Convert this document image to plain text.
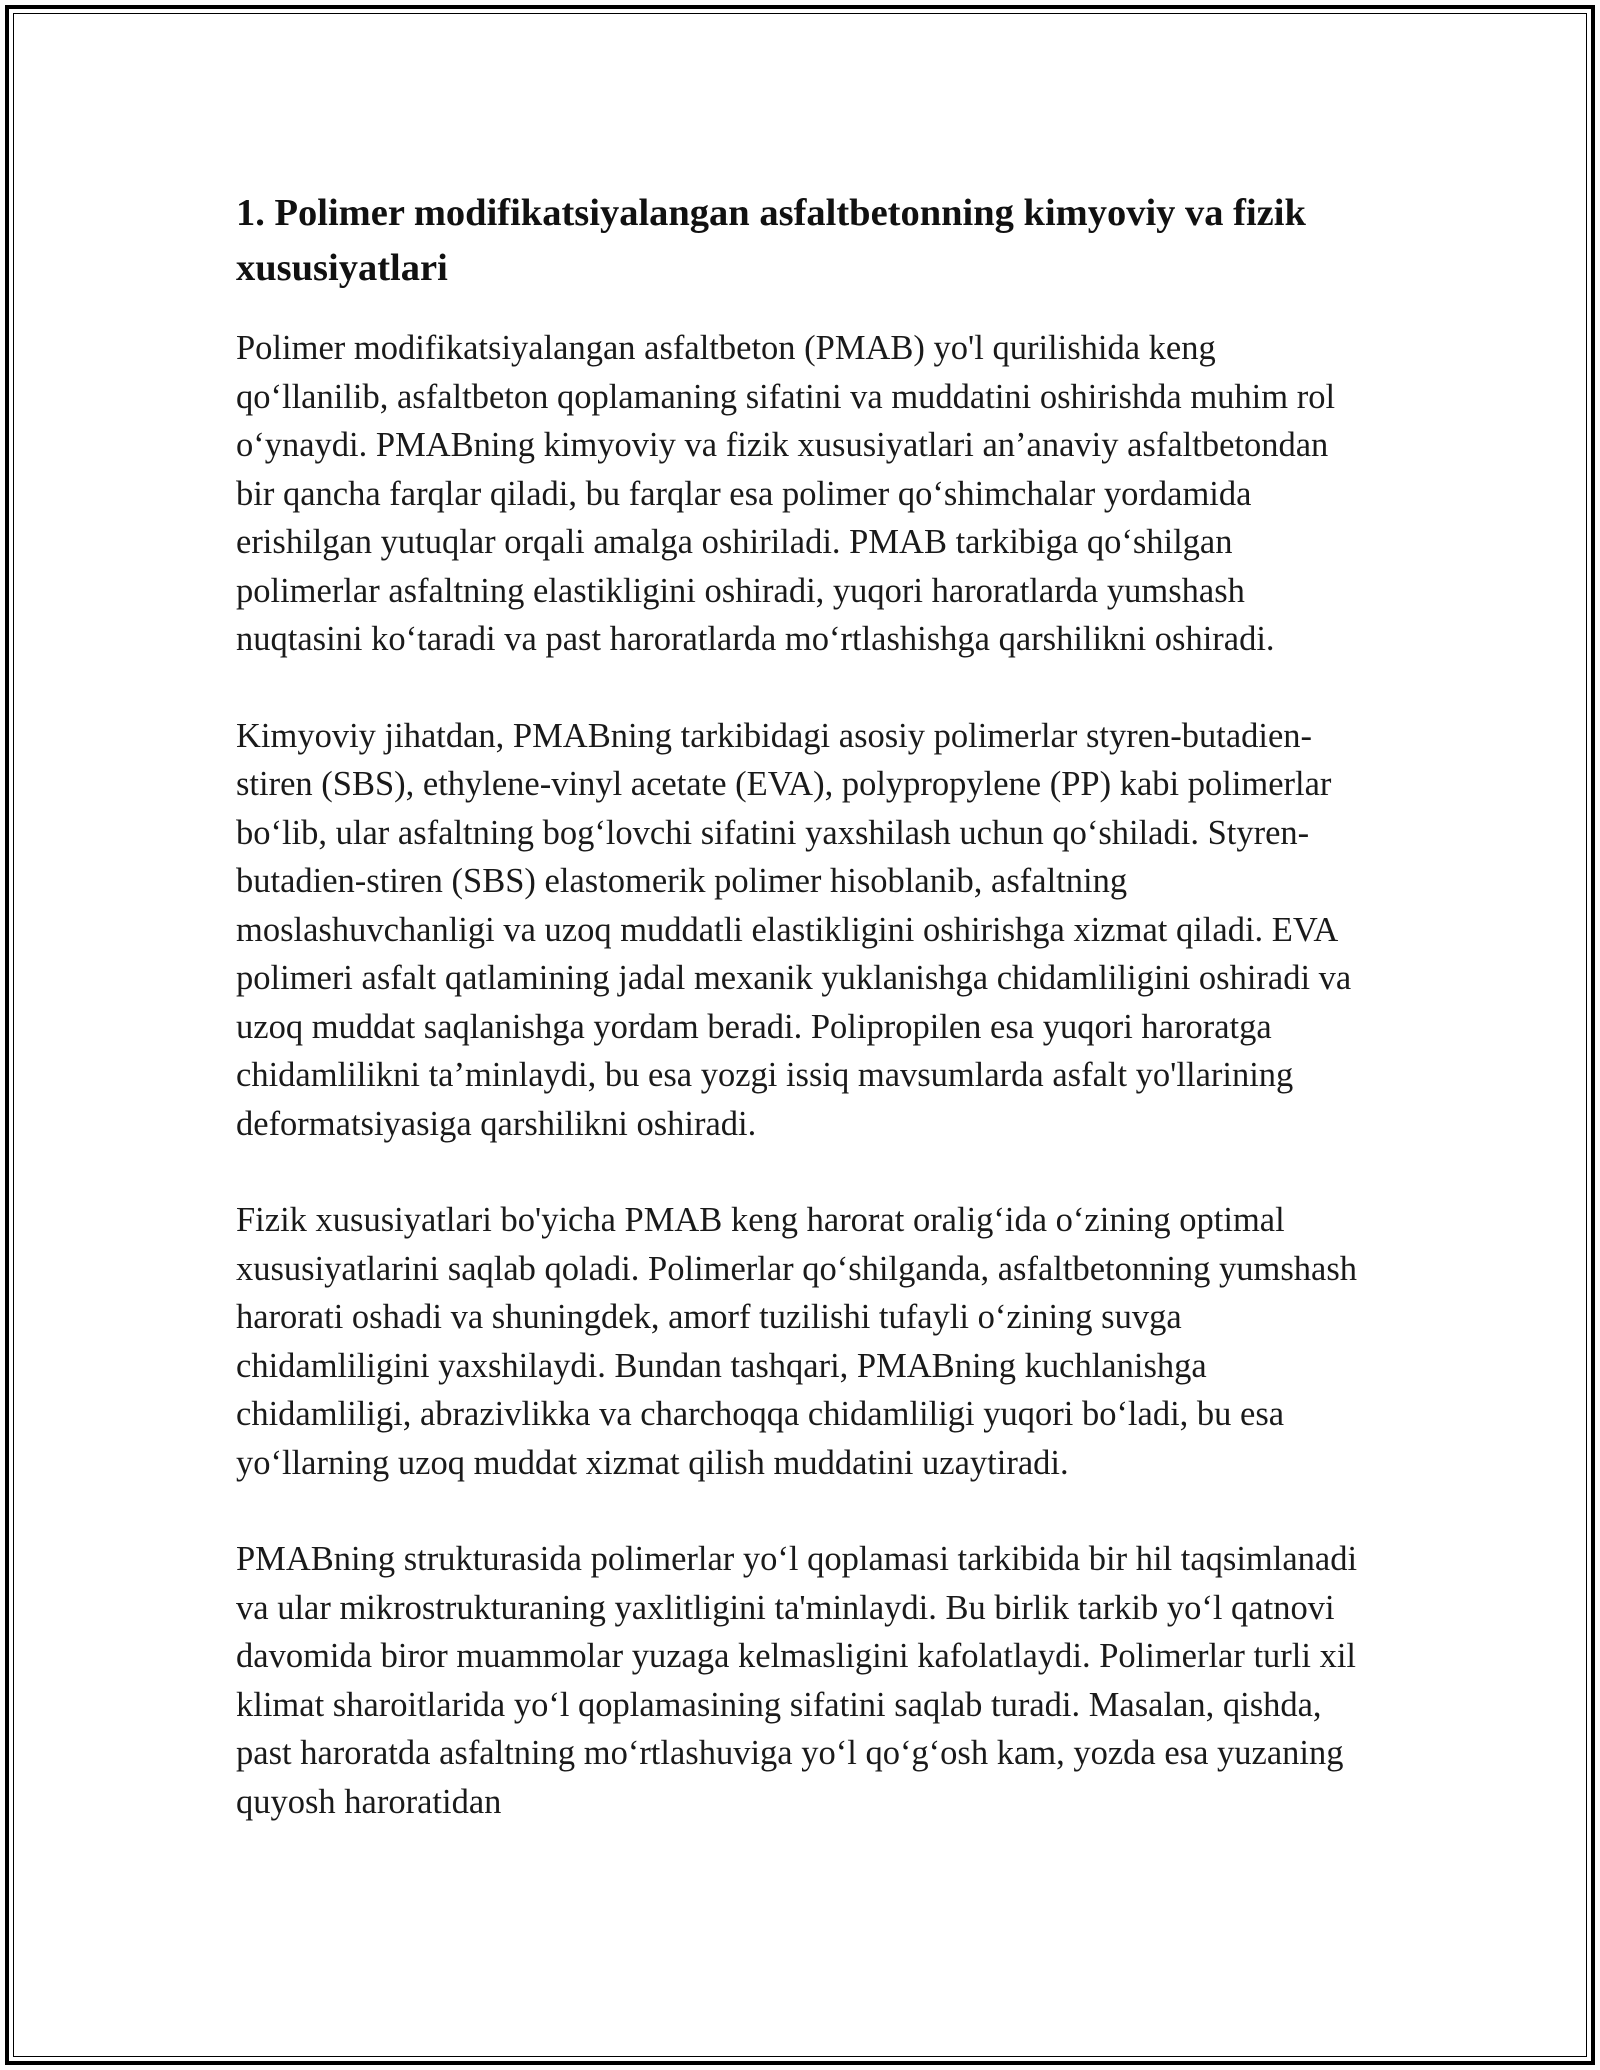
1. Polimer modifikatsiyalangan asfaltbetonning kimyoviy va fizik xususiyatlari

Polimer modifikatsiyalangan asfaltbeton (PMAB) yo'l qurilishida keng qo‘llanilib, asfaltbeton qoplamaning sifatini va muddatini oshirishda muhim rol o‘ynaydi. PMABning kimyoviy va fizik xususiyatlari an’anaviy asfaltbetondan bir qancha farqlar qiladi, bu farqlar esa polimer qo‘shimchalar yordamida erishilgan yutuqlar orqali amalga oshiriladi. PMAB tarkibiga qo‘shilgan polimerlar asfaltning elastikligini oshiradi, yuqori haroratlarda yumshash nuqtasini ko‘taradi va past haroratlarda mo‘rtlashishga qarshilikni oshiradi.

Kimyoviy jihatdan, PMABning tarkibidagi asosiy polimerlar styren-butadien-stiren (SBS), ethylene-vinyl acetate (EVA), polypropylene (PP) kabi polimerlar bo‘lib, ular asfaltning bog‘lovchi sifatini yaxshilash uchun qo‘shiladi. Styren-butadien-stiren (SBS) elastomerik polimer hisoblanib, asfaltning moslashuvchanligi va uzoq muddatli elastikligini oshirishga xizmat qiladi. EVA polimeri asfalt qatlamining jadal mexanik yuklanishga chidamliligini oshiradi va uzoq muddat saqlanishga yordam beradi. Polipropilen esa yuqori haroratga chidamlilikni ta’minlaydi, bu esa yozgi issiq mavsumlarda asfalt yo'llarining deformatsiyasiga qarshilikni oshiradi.

Fizik xususiyatlari bo'yicha PMAB keng harorat oralig‘ida o‘zining optimal xususiyatlarini saqlab qoladi. Polimerlar qo‘shilganda, asfaltbetonning yumshash harorati oshadi va shuningdek, amorf tuzilishi tufayli o‘zining suvga chidamliligini yaxshilaydi. Bundan tashqari, PMABning kuchlanishga chidamliligi, abrazivlikka va charchoqqa chidamliligi yuqori bo‘ladi, bu esa yo‘llarning uzoq muddat xizmat qilish muddatini uzaytiradi.

PMABning strukturasida polimerlar yo‘l qoplamasi tarkibida bir hil taqsimlanadi va ular mikrostrukturaning yaxlitligini ta'minlaydi. Bu birlik tarkib yo‘l qatnovi davomida biror muammolar yuzaga kelmasligini kafolatlaydi. Polimerlar turli xil klimat sharoitlarida yo‘l qoplamasining sifatini saqlab turadi. Masalan, qishda, past haroratda asfaltning mo‘rtlashuviga yo‘l qo‘g‘osh kam, yozda esa yuzaning quyosh haroratidan
